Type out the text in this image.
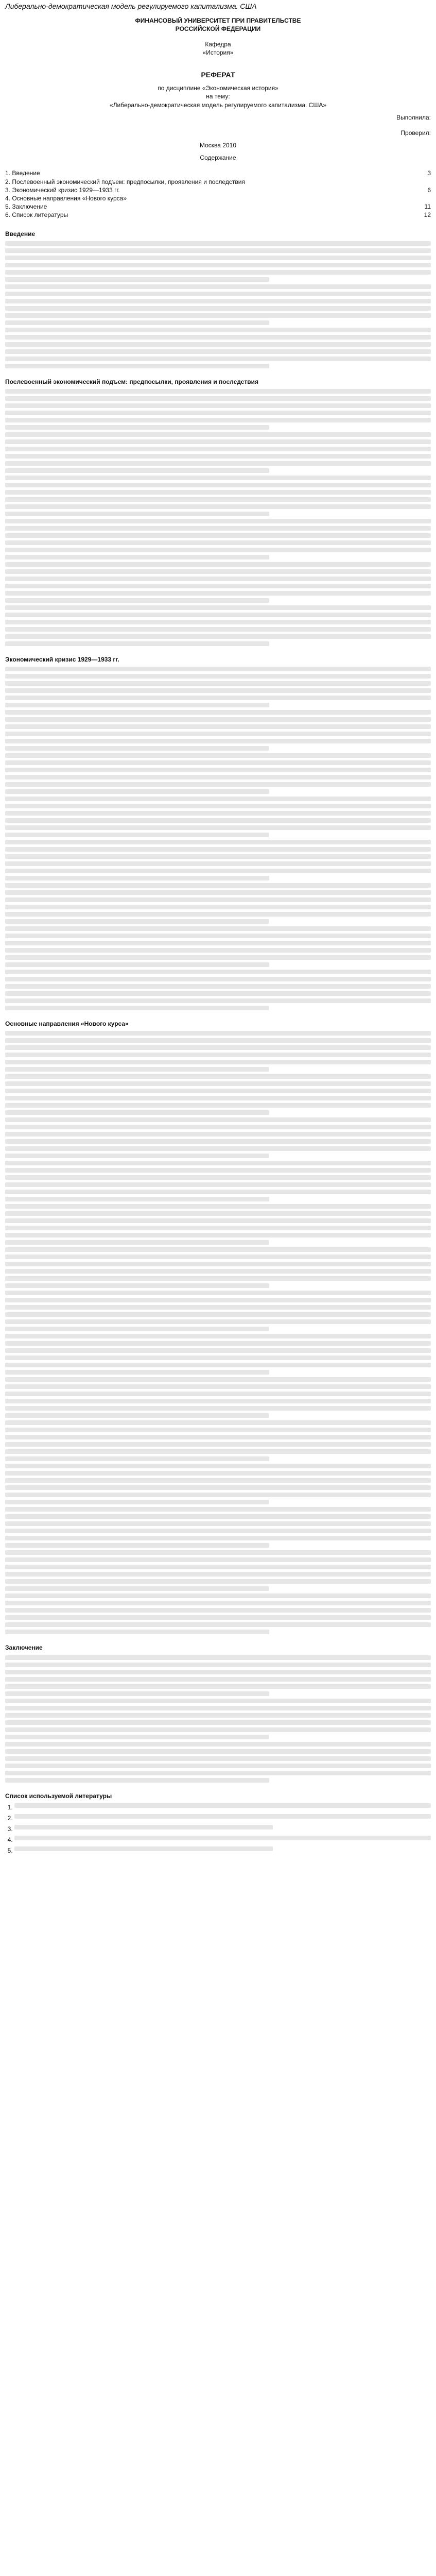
Либерально-демократическая модель регулируемого капитализма. США
ФИНАНСОВЫЙ УНИВЕРСИТЕТ ПРИ ПРАВИТЕЛЬСТВЕ
РОССИЙСКОЙ ФЕДЕРАЦИИ
Кафедра
«История»
РЕФЕРАТ
по дисциплине «Экономическая история»
на тему:
«Либерально-демократическая модель регулируемого капитализма. США»
Выполнила:
Проверил:
Москва 2010
Содержание
1. Введение	3
2. Послевоенный экономический подъем: предпосылки, проявления и последствия
3. Экономический кризис 1929—1933 гг.	6
4. Основные направления «Нового курса»
5. Заключение	11
6. Список литературы	12
Введение
Послевоенный экономический подъем: предпосылки, проявления и последствия
Экономический кризис 1929—1933 гг.
Основные направления «Нового курса»
Заключение
Список используемой литературы
1.
2.
3.
4.
5.
